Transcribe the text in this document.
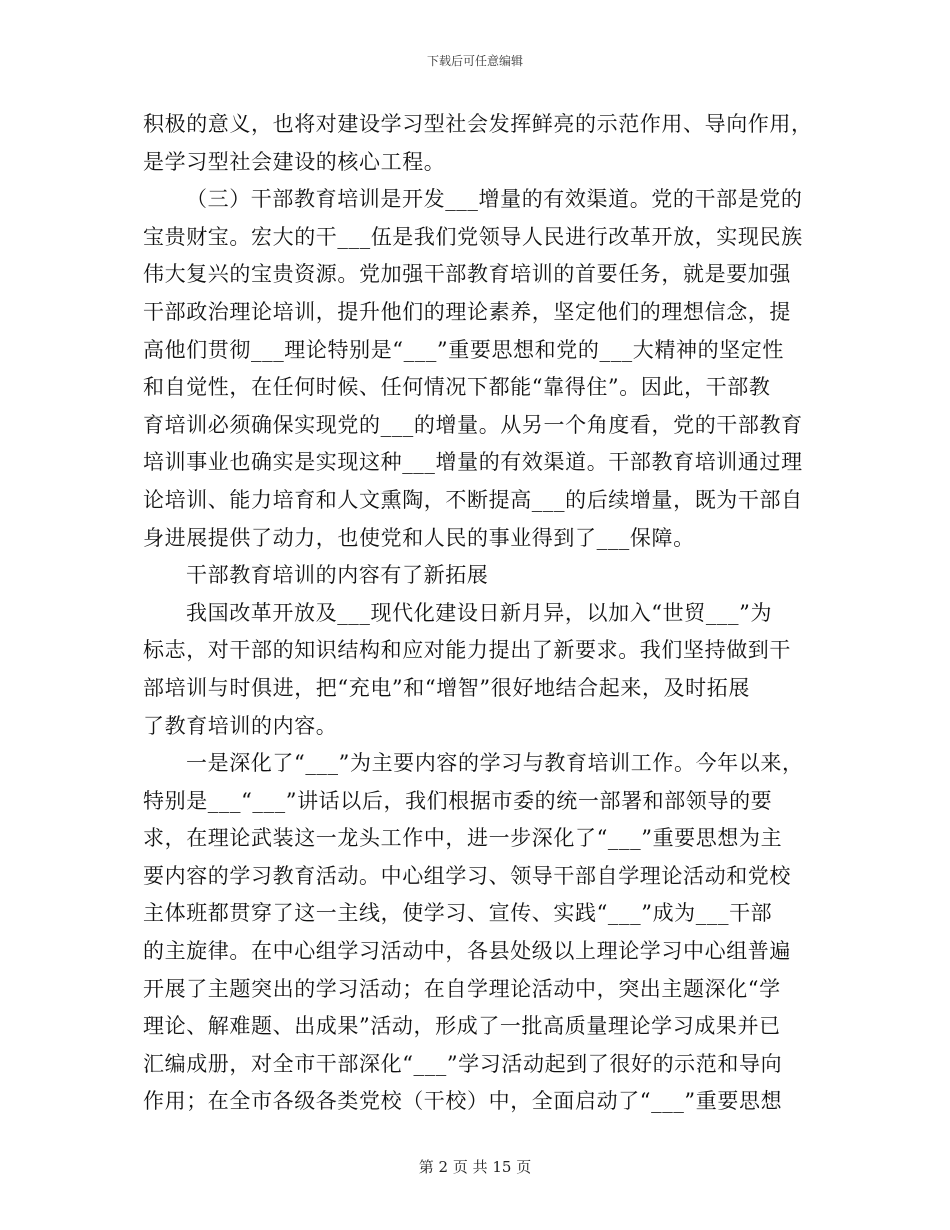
下载后可任意编辑
积极的意义，也将对建设学习型社会发挥鲜亮的示范作用、导向作用，
是学习型社会建设的核心工程。
（三）干部教育培训是开发___增量的有效渠道。党的干部是党的
宝贵财宝。宏大的干___伍是我们党领导人民进行改革开放，实现民族
伟大复兴的宝贵资源。党加强干部教育培训的首要任务，就是要加强
干部政治理论培训，提升他们的理论素养，坚定他们的理想信念，提
高他们贯彻___理论特别是“___”重要思想和党的___大精神的坚定性
和自觉性，在任何时候、任何情况下都能“靠得住”。因此，干部教
育培训必须确保实现党的___的增量。从另一个角度看，党的干部教育
培训事业也确实是实现这种___增量的有效渠道。干部教育培训通过理
论培训、能力培育和人文熏陶，不断提高___的后续增量，既为干部自
身进展提供了动力，也使党和人民的事业得到了___保障。
干部教育培训的内容有了新拓展
我国改革开放及___现代化建设日新月异，以加入“世贸___”为
标志，对干部的知识结构和应对能力提出了新要求。我们坚持做到干
部培训与时俱进，把“充电”和“增智”很好地结合起来，及时拓展
了教育培训的内容。
一是深化了“___”为主要内容的学习与教育培训工作。今年以来，
特别是___“___”讲话以后，我们根据市委的统一部署和部领导的要
求，在理论武装这一龙头工作中，进一步深化了“___”重要思想为主
要内容的学习教育活动。中心组学习、领导干部自学理论活动和党校
主体班都贯穿了这一主线，使学习、宣传、实践“___”成为___干部
的主旋律。在中心组学习活动中，各县处级以上理论学习中心组普遍
开展了主题突出的学习活动；在自学理论活动中，突出主题深化“学
理论、解难题、出成果”活动，形成了一批高质量理论学习成果并已
汇编成册，对全市干部深化“___”学习活动起到了很好的示范和导向
作用；在全市各级各类党校（干校）中，全面启动了“___”重要思想
第 2 页 共 15 页
